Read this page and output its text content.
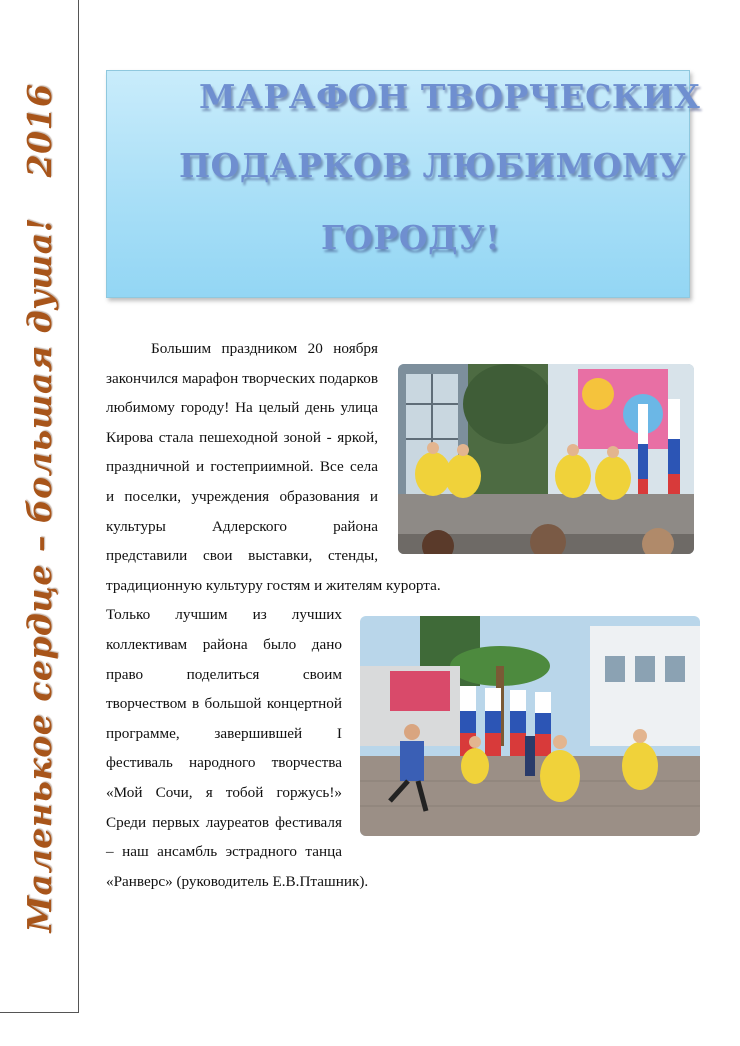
Маленькое сердце – большая душа!
2016	МАРАФОН ТВОРЧЕСКИХ
ПОДАРКОВ ЛЮБИМОМУ
ГОРОДУ!

Большим праздником 20 ноября закончился марафон творческих подарков любимому городу! На целый день улица Кирова стала пешеходной зоной - яркой, праздничной и гостеприимной. Все села и поселки, учреждения образования и культуры Адлерского района представили свои выставки, стенды, традиционную культуру гостям и жителям курорта.

Только лучшим из лучших коллективам района было дано право поделиться своим творчеством в большой концертной программе, завершившей I фестиваль народного творчества «Мой Сочи, я тобой горжусь!» Среди первых лауреатов фестиваля – наш ансамбль эстрадного танца «Ранверс» (руководитель Е.В.Пташник).
